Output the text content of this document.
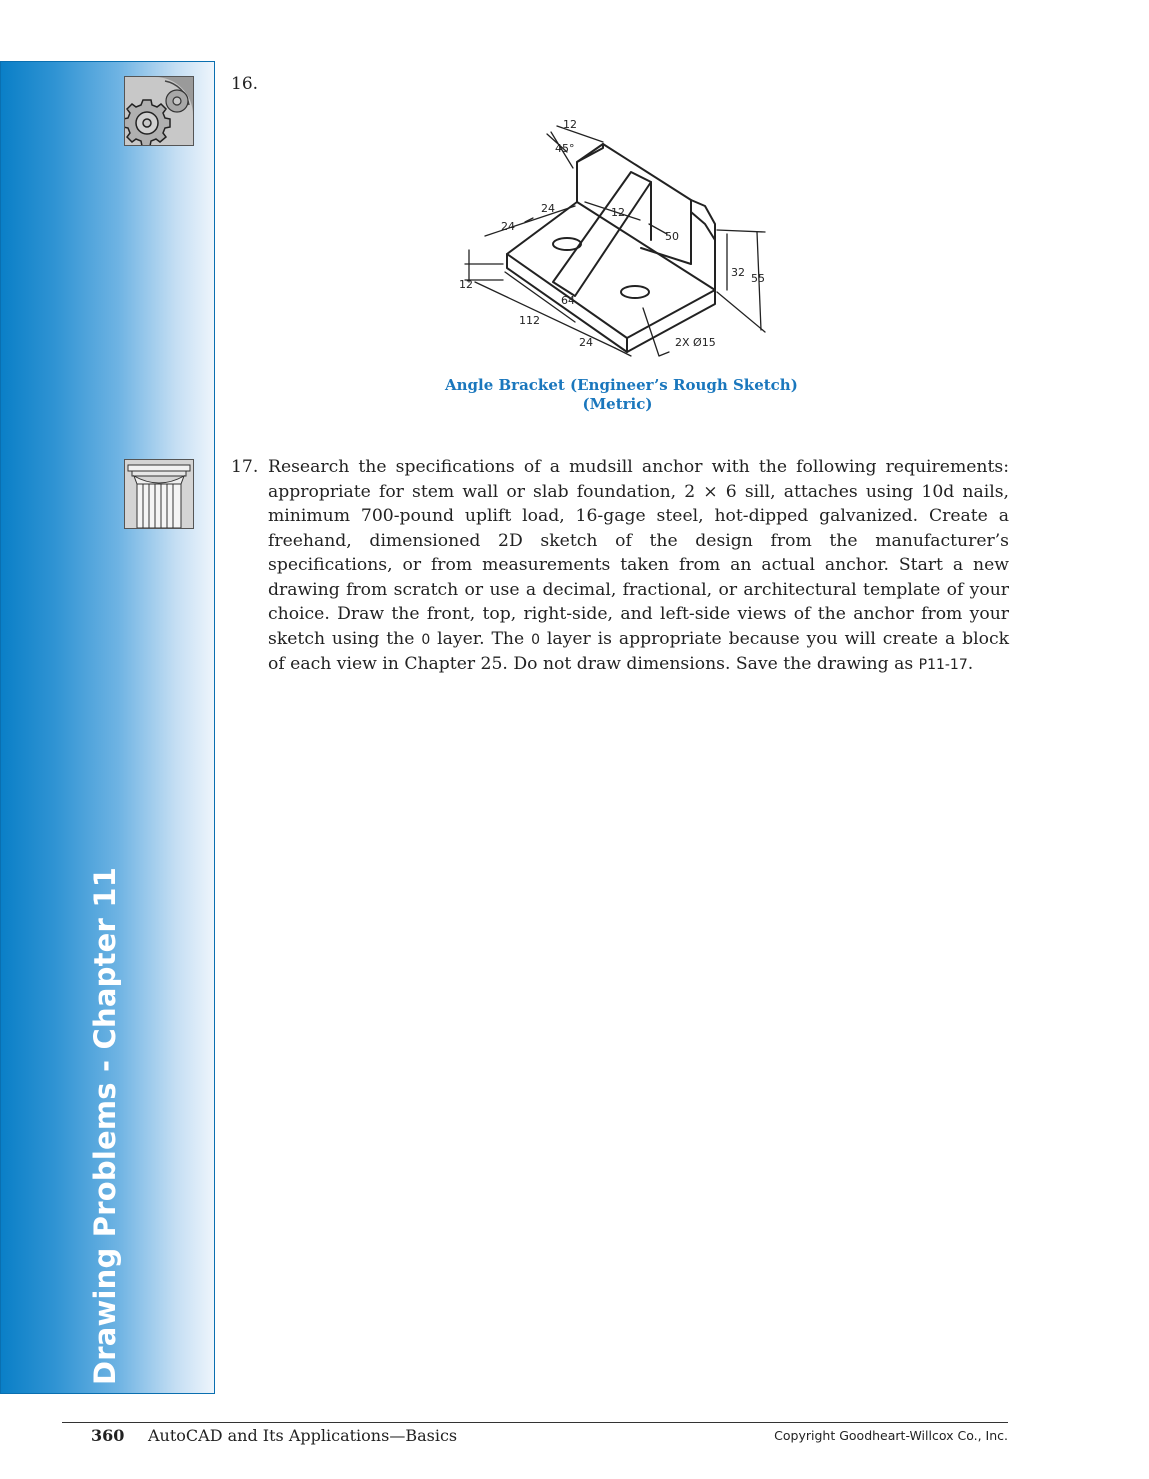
Drawing Problems - Chapter 11
16.
12
45°
24
24	12
50
32 55
12
64
112
24	2X Ø15
Angle Bracket (Engineer’s Rough Sketch)
(Metric)
17. Research the specifications of a mudsill anchor with the following requirements: appropriate for stem wall or slab foundation, 2 × 6 sill, attaches using 10d nails, minimum 700-pound uplift load, 16-gage steel, hot-dipped galvanized. Create a freehand, dimensioned 2D sketch of the design from the manufacturer’s specifications, or from measurements taken from an actual anchor. Start a new drawing from scratch or use a decimal, fractional, or architectural template of your choice. Draw the front, top, right-side, and left-side views of the anchor from your sketch using the 0 layer. The 0 layer is appropriate because you will create a block of each view in Chapter 25. Do not draw dimensions. Save the drawing as P11-17.
360 AutoCAD and Its Applications—Basics	Copyright Goodheart-Willcox Co., Inc.
